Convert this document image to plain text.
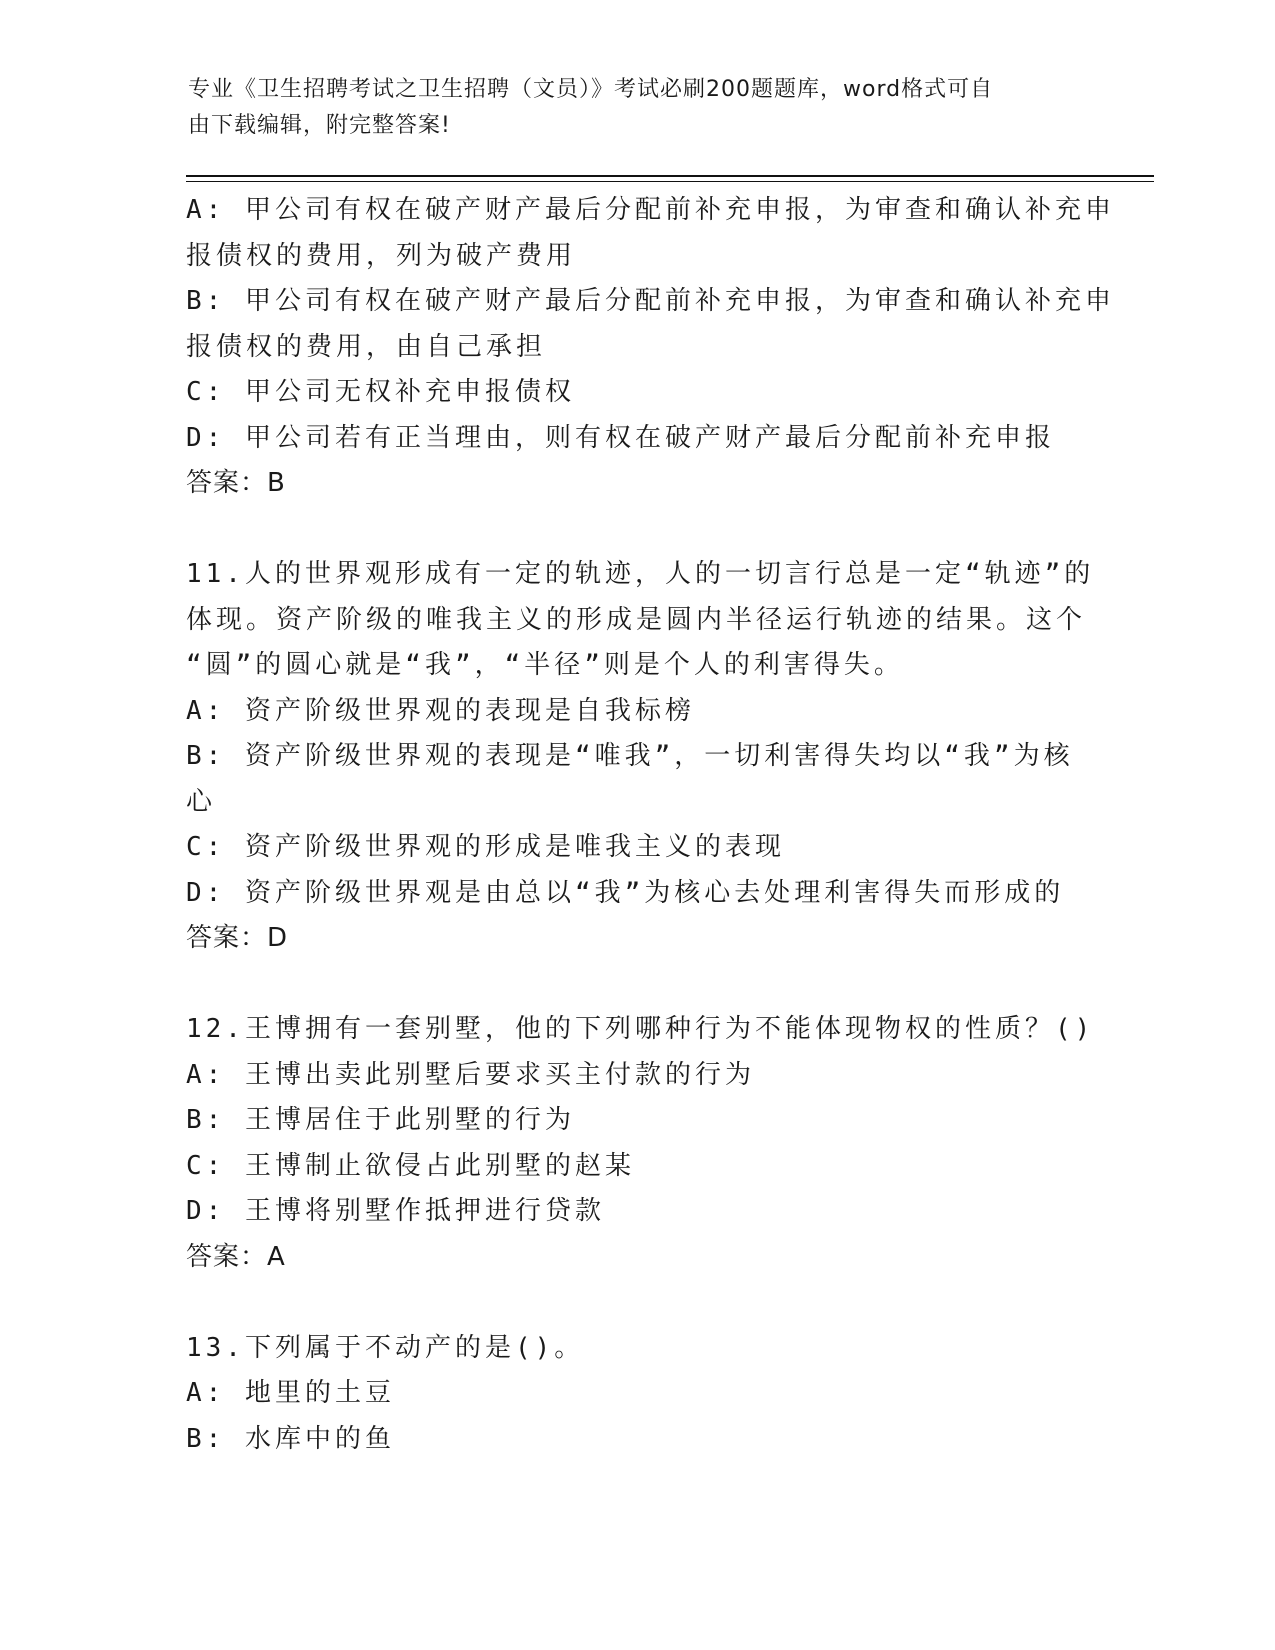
专业《卫生招聘考试之卫生招聘（文员）》考试必刷200题题库，word格式可自
由下载编辑，附完整答案!
A: 甲公司有权在破产财产最后分配前补充申报，为审查和确认补充申
报债权的费用，列为破产费用
B: 甲公司有权在破产财产最后分配前补充申报，为审查和确认补充申
报债权的费用，由自己承担
C: 甲公司无权补充申报债权
D: 甲公司若有正当理由，则有权在破产财产最后分配前补充申报
答案：B
11.人的世界观形成有一定的轨迹，人的一切言行总是一定“轨迹”的
体现。资产阶级的唯我主义的形成是圆内半径运行轨迹的结果。这个
“圆”的圆心就是“我”，“半径”则是个人的利害得失。
A: 资产阶级世界观的表现是自我标榜
B: 资产阶级世界观的表现是“唯我”，一切利害得失均以“我”为核
心
C: 资产阶级世界观的形成是唯我主义的表现
D: 资产阶级世界观是由总以“我”为核心去处理利害得失而形成的
答案：D
12.王博拥有一套别墅，他的下列哪种行为不能体现物权的性质？()
A: 王博出卖此别墅后要求买主付款的行为
B: 王博居住于此别墅的行为
C: 王博制止欲侵占此别墅的赵某
D: 王博将别墅作抵押进行贷款
答案：A
13.下列属于不动产的是()。
A: 地里的土豆
B: 水库中的鱼
